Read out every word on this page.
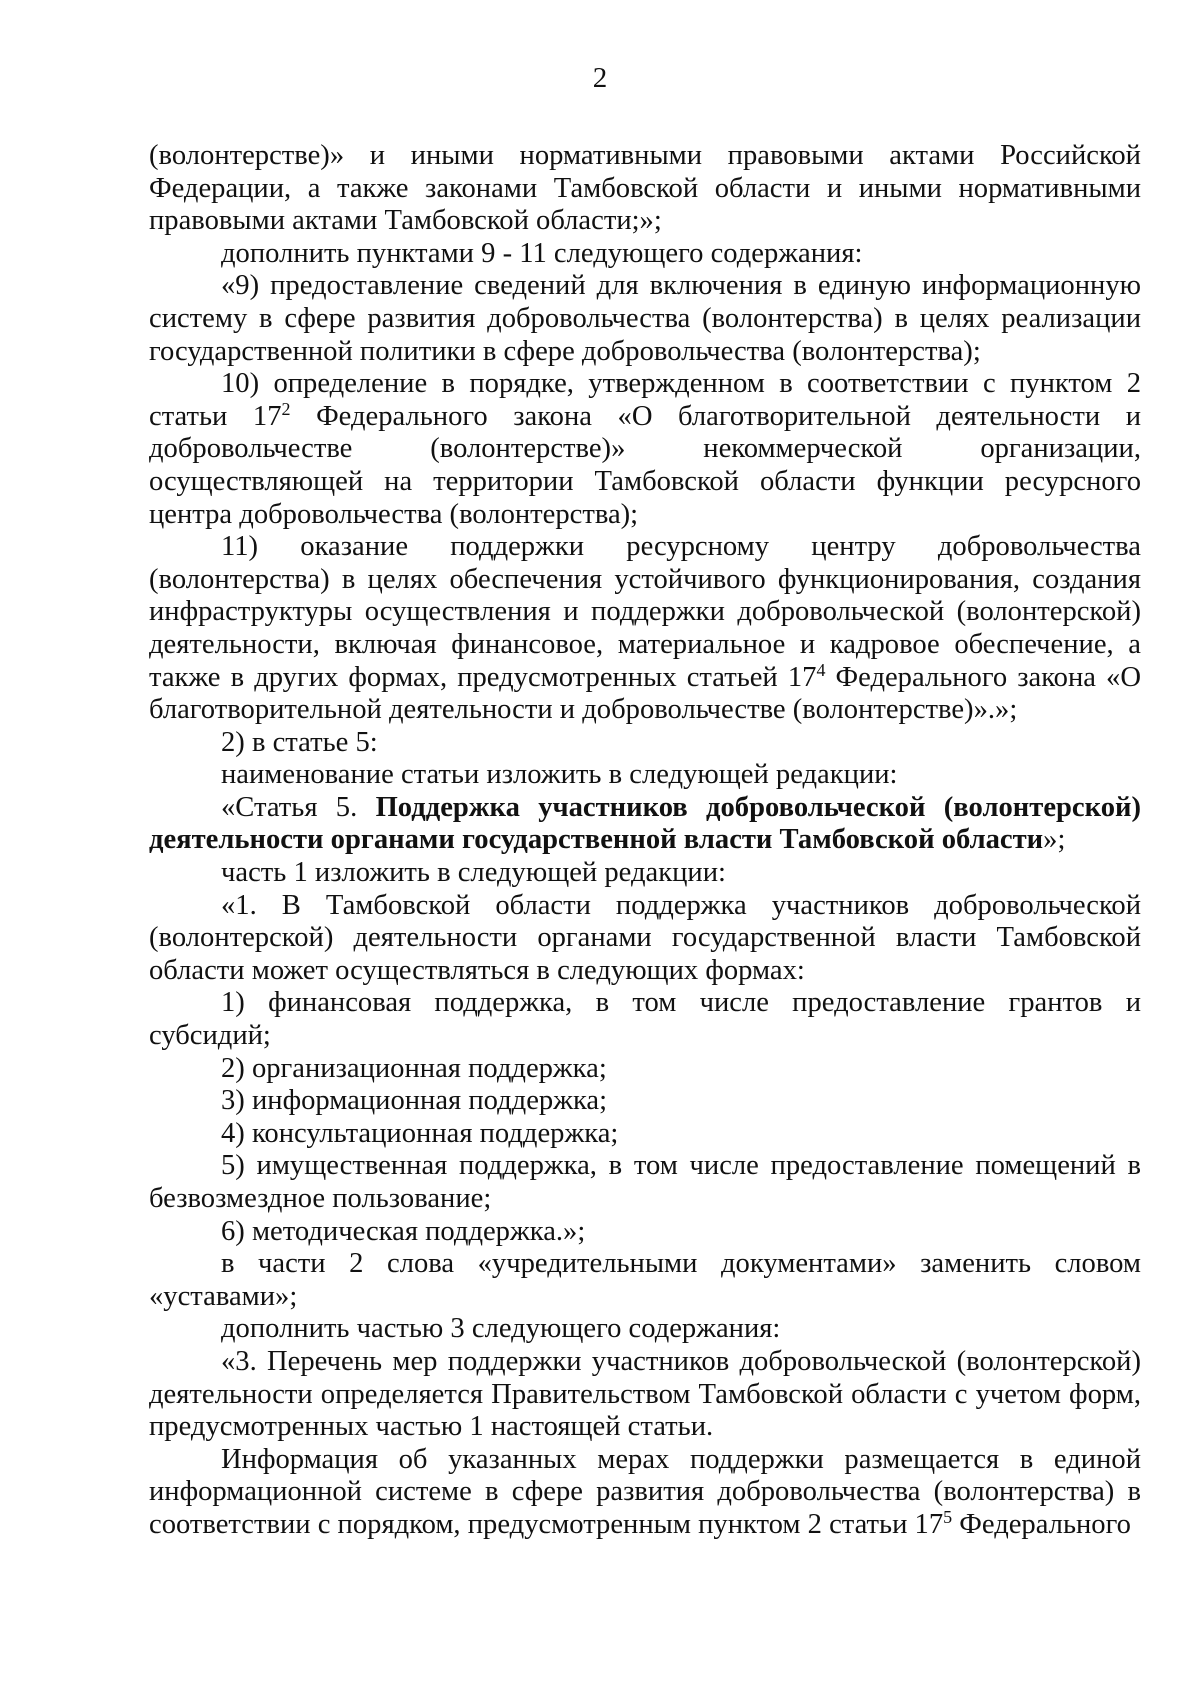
2

(волонтерстве)» и иными нормативными правовыми актами Российской Федерации, а также законами Тамбовской области и иными нормативными правовыми актами Тамбовской области;»;

дополнить пунктами 9 - 11 следующего содержания:

«9) предоставление сведений для включения в единую информационную систему в сфере развития добровольчества (волонтерства) в целях реализации государственной политики в сфере добровольчества (волонтерства);

10) определение в порядке, утвержденном в соответствии с пунктом 2 статьи $17^2$ Федерального закона «О благотворительной деятельности и добровольчестве (волонтерстве)» некоммерческой организации, осуществляющей на территории Тамбовской области функции ресурсного центра добровольчества (волонтерства);

11) оказание поддержки ресурсному центру добровольчества (волонтерства) в целях обеспечения устойчивого функционирования, создания инфраструктуры осуществления и поддержки добровольческой (волонтерской) деятельности, включая финансовое, материальное и кадровое обеспечение, а также в других формах, предусмотренных статьей $17^4$ Федерального закона «О благотворительной деятельности и добровольчестве (волонтерстве)».»;

2) в статье 5:

наименование статьи изложить в следующей редакции:

«Статья 5. Поддержка участников добровольческой (волонтерской) деятельности органами государственной власти Тамбовской области»;

часть 1 изложить в следующей редакции:

«1. В Тамбовской области поддержка участников добровольческой (волонтерской) деятельности органами государственной власти Тамбовской области может осуществляться в следующих формах:

1) финансовая поддержка, в том числе предоставление грантов и субсидий;

2) организационная поддержка;

3) информационная поддержка;

4) консультационная поддержка;

5) имущественная поддержка, в том числе предоставление помещений в безвозмездное пользование;

6) методическая поддержка.»;

в части 2 слова «учредительными документами» заменить словом «уставами»;

дополнить частью 3 следующего содержания:

«3. Перечень мер поддержки участников добровольческой (волонтерской) деятельности определяется Правительством Тамбовской области с учетом форм, предусмотренных частью 1 настоящей статьи.

Информация об указанных мерах поддержки размещается в единой информационной системе в сфере развития добровольчества (волонтерства) в соответствии с порядком, предусмотренным пунктом 2 статьи $17^5$ Федерального
